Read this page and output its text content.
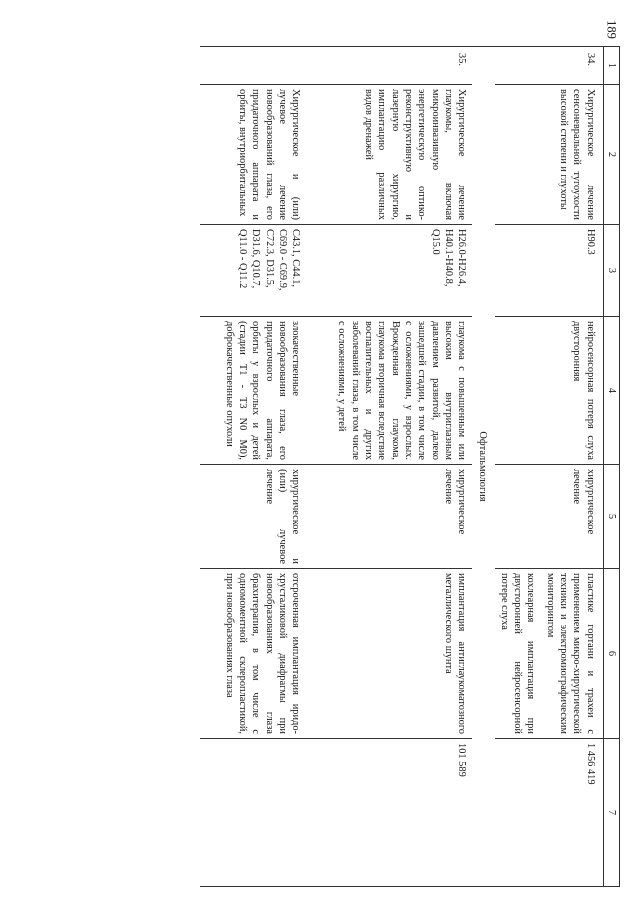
189
1	2	3	4	5	6	7
34.	Хирургическое лечение сенсоневральной тугоухости высокой степени и глухоты	H90.3	нейросенсорная потеря слуха двусторонняя	хирургическое лечение	пластике гортани и трахеи с применением микро-хирургической техники и электромиографическим мониторингом
кохлеарная имплантация при двусторонней нейросенсорной потере слуха	1 456 419
Офтальмология						
35.	Хирургическое лечение глаукомы, включая микроинвазивную энергетическую оптико-реконструктивную и лазерную хирургию, имплантацию различных видов дренажей	H26.0-H26.4, H40.1-H40.8, Q15.0	глаукома с повышенным или высоким внутриглазным давлением развитой, далеко зашедшей стадии, в том числе с осложнениями, у взрослых. Врожденная глаукома, глаукома вторичная вследствие воспалительных и других заболеваний глаза, в том числе с осложнениями, у детей	хирургическое лечение	имплантация антиглаукоматозного металлического шунта	101 589
	Хирургическое и (или) лучевое лечение новообразований глаза, его придаточного аппарата и орбиты, внутриорбитальных	C43.1, C44.1, C69.0 - C69.9, C72.3, D31.5, D31.6, Q10.7, Q11.0 - Q11.2	злокачественные новообразования глаза, его придаточного аппарата, орбиты у взрослых и детей (стадии T1 - T3 N0 M0), доброкачественные опухоли	хирургическое и (или) лучевое лечение	отсроченная имплантация иридо-хрусталиковой диафрагмы при новообразованиях глаза брахитерапия, в том числе с одномоментной склеропластикой, при новообразованиях глаза	
